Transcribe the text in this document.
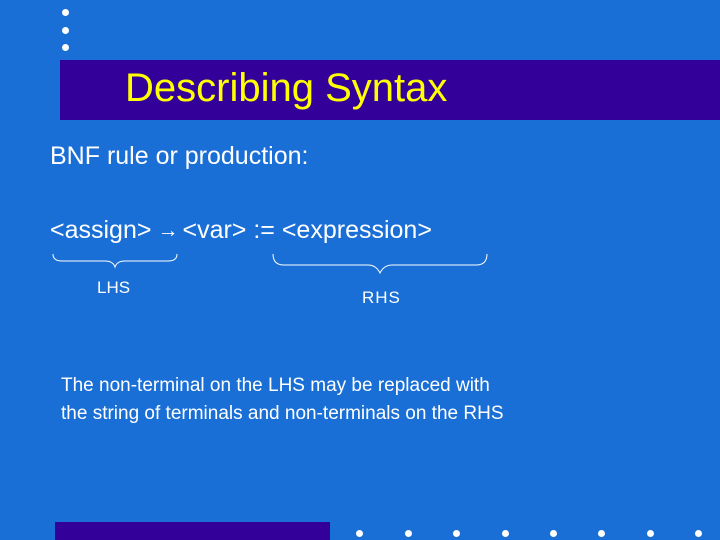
Describing Syntax
BNF rule or production:
<assign> → <var> := <expression>
LHS
RHS
The non-terminal on the LHS may be replaced with
the string of terminals and non-terminals on the RHS
